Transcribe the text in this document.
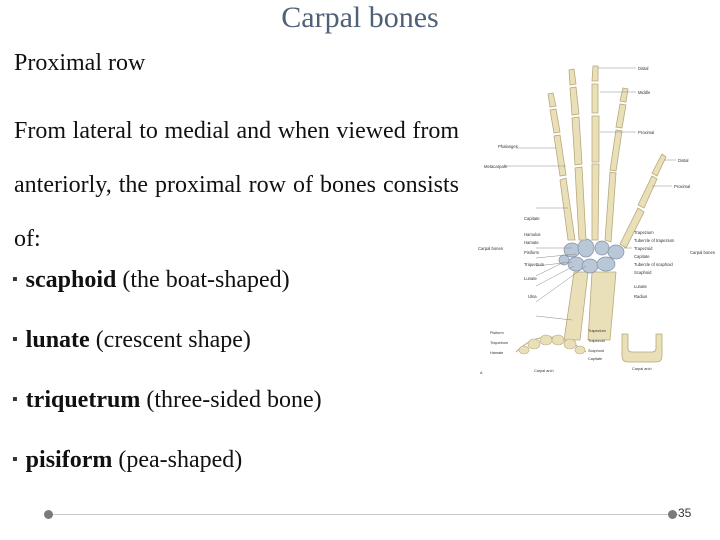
Carpal bones
Proximal row

From lateral to medial and when viewed from anteriorly, the proximal row of bones consists of:

▪ scaphoid (the boat-shaped)
▪ lunate (crescent shape)
▪ triquetrum (three-sided bone)
▪ pisiform (pea-shaped)
Phalanges
Metacarpals
Carpal bones
Capitate
Hamulus
Hamate
Pisiform
Triquetrum
Lunate
Ulna
Distal
Middle
Proximal
Distal
Proximal
Trapezium
Tubercle of trapezium
Trapezoid
Capitate
Tubercle of scaphoid
Scaphoid
Lunate
Radius
Carpal bones
Pisiform
Triquetrum
Hamate
Trapezium
Trapezoid
Scaphoid
Capitate
Carpal arch
A
Carpal arch
35
